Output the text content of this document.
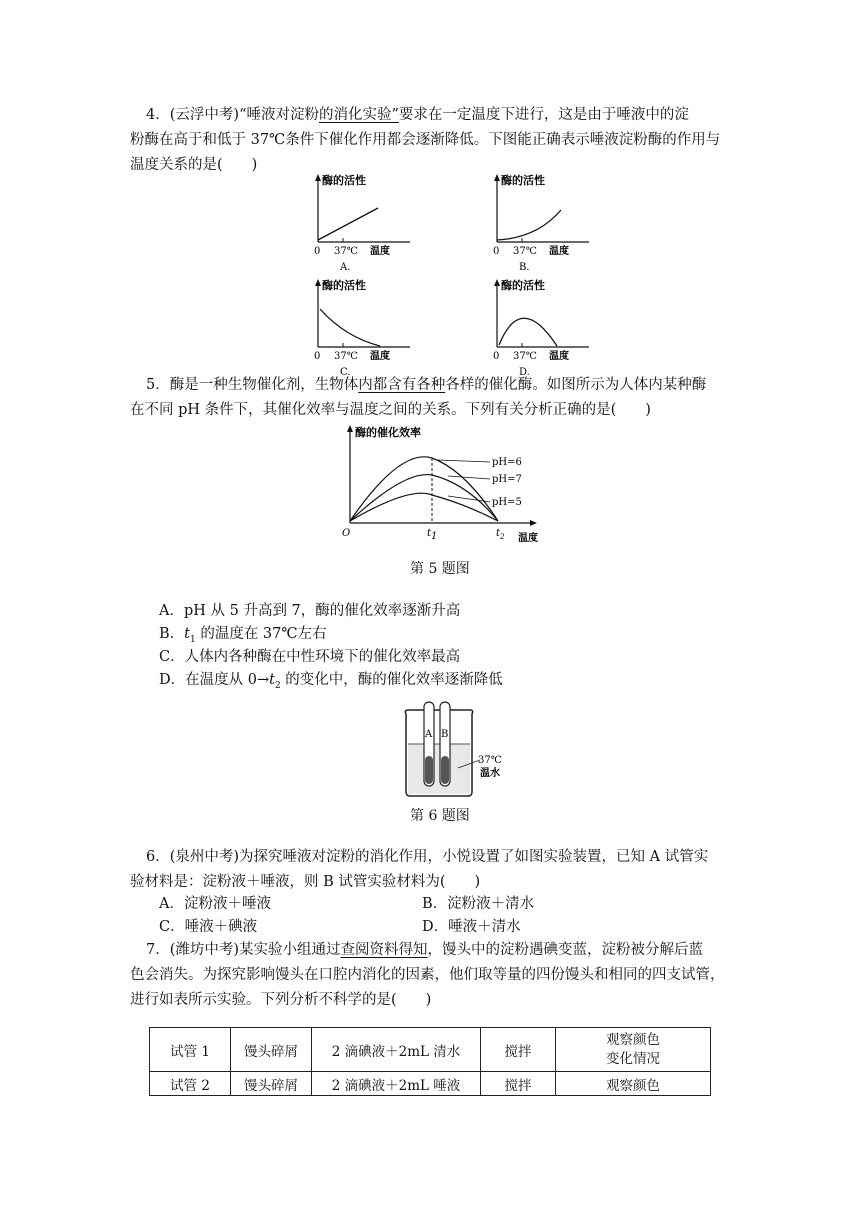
4．(云浮中考)“唾液对淀粉的消化实验”要求在一定温度下进行，这是由于唾液中的淀
粉酶在高于和低于 37℃条件下催化作用都会逐渐降低。下图能正确表示唾液淀粉酶的作用与
温度关系的是(　　)

酶的活性
0 37℃ 温度
A.
酶的活性
0 37℃ 温度
B.
酶的活性
0 37℃ 温度
C.
酶的活性
0 37℃ 温度
D.

5．酶是一种生物催化剂，生物体内都含有各种各样的催化酶。如图所示为人体内某种酶
在不同 pH 条件下，其催化效率与温度之间的关系。下列有关分析正确的是(　　)

酶的催化效率
pH=6
pH=7
pH=5
O	t1	$t_2$ 温度
第 5 题图
A．pH 从 5 升高到 7，酶的催化效率逐渐升高
B．$t_1$ 的温度在 37℃左右
C．人体内各种酶在中性环境下的催化效率最高
D．在温度从 $0\to t_2$ 的变化中，酶的催化效率逐渐降低
A B
37℃
温水
第 6 题图

6．(泉州中考)为探究唾液对淀粉的消化作用，小悦设置了如图实验装置，已知 A 试管实
验材料是：淀粉液＋唾液，则 B 试管实验材料为(　　)

A．淀粉液＋唾液	B．淀粉液＋清水
C．唾液＋碘液	D．唾液＋清水

7．(潍坊中考)某实验小组通过查阅资料得知，馒头中的淀粉遇碘变蓝，淀粉被分解后蓝
色会消失。为探究影响馒头在口腔内消化的因素，他们取等量的四份馒头和相同的四支试管，
进行如表所示实验。下列分析不科学的是(　　)

试管 1	馒头碎屑	2 滴碘液＋2mL 清水	搅拌	观察颜色
变化情况
试管 2	馒头碎屑	2 滴碘液＋2mL 唾液	搅拌	观察颜色
